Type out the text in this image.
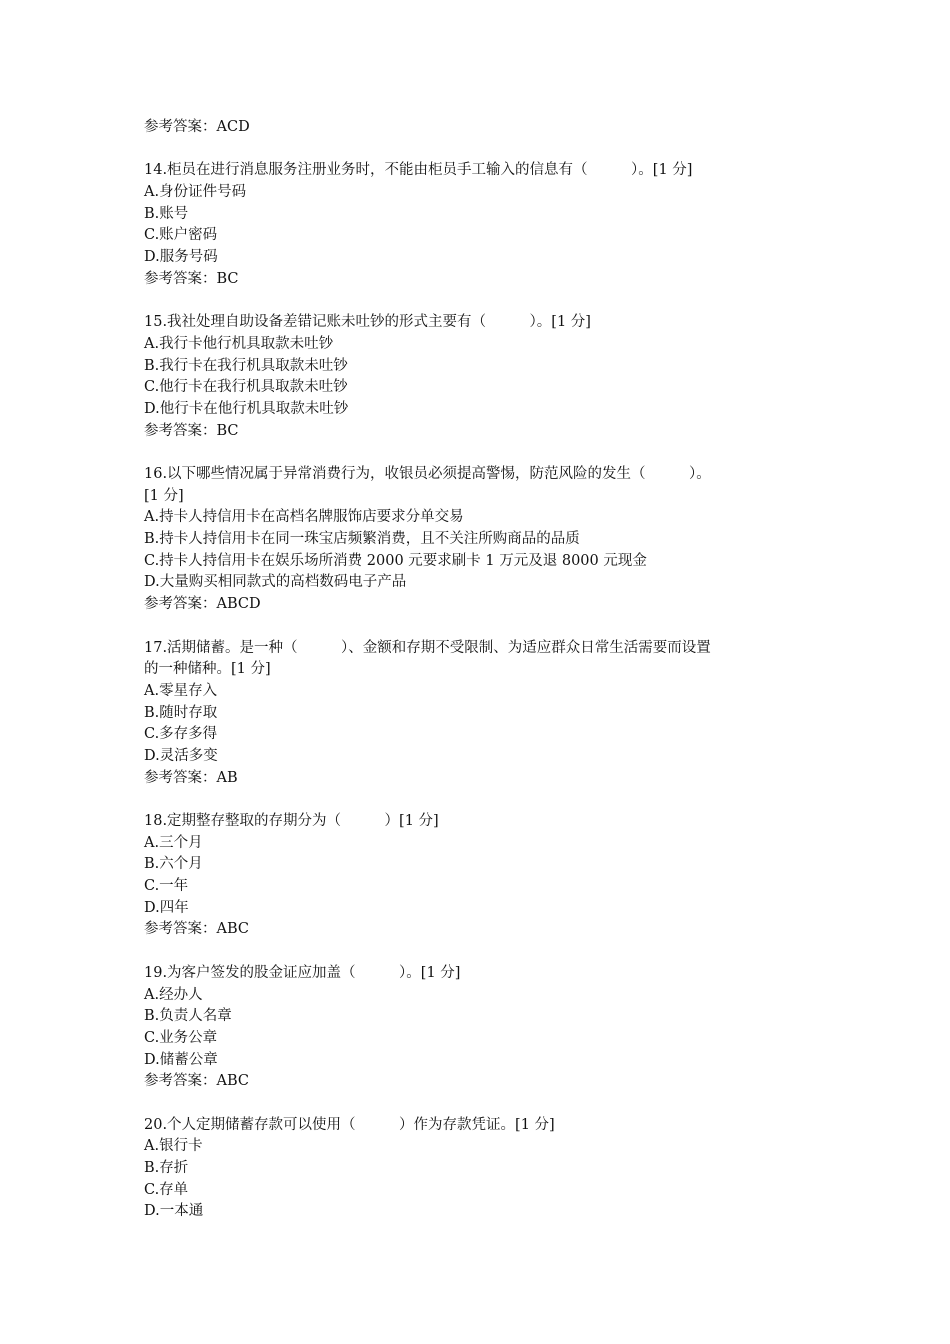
参考答案：ACD

14.柜员在进行消息服务注册业务时，不能由柜员手工输入的信息有（　　　）。[1 分]

A.身份证件号码

B.账号

C.账户密码

D.服务号码

参考答案：BC

15.我社处理自助设备差错记账未吐钞的形式主要有（　　　）。[1 分]

A.我行卡他行机具取款未吐钞

B.我行卡在我行机具取款未吐钞

C.他行卡在我行机具取款未吐钞

D.他行卡在他行机具取款未吐钞

参考答案：BC

16.以下哪些情况属于异常消费行为，收银员必须提高警惕，防范风险的发生（　　　）。

[1 分]

A.持卡人持信用卡在高档名牌服饰店要求分单交易

B.持卡人持信用卡在同一珠宝店频繁消费，且不关注所购商品的品质

C.持卡人持信用卡在娱乐场所消费 2000 元要求刷卡 1 万元及退 8000 元现金

D.大量购买相同款式的高档数码电子产品

参考答案：ABCD

17.活期储蓄。是一种（　　　）、金额和存期不受限制、为适应群众日常生活需要而设置

的一种储种。[1 分]

A.零星存入

B.随时存取

C.多存多得

D.灵活多变

参考答案：AB

18.定期整存整取的存期分为（　　　）[1 分]

A.三个月

B.六个月

C.一年

D.四年

参考答案：ABC

19.为客户签发的股金证应加盖（　　　）。[1 分]

A.经办人

B.负责人名章

C.业务公章

D.储蓄公章

参考答案：ABC

20.个人定期储蓄存款可以使用（　　　）作为存款凭证。[1 分]

A.银行卡

B.存折

C.存单

D.一本通
